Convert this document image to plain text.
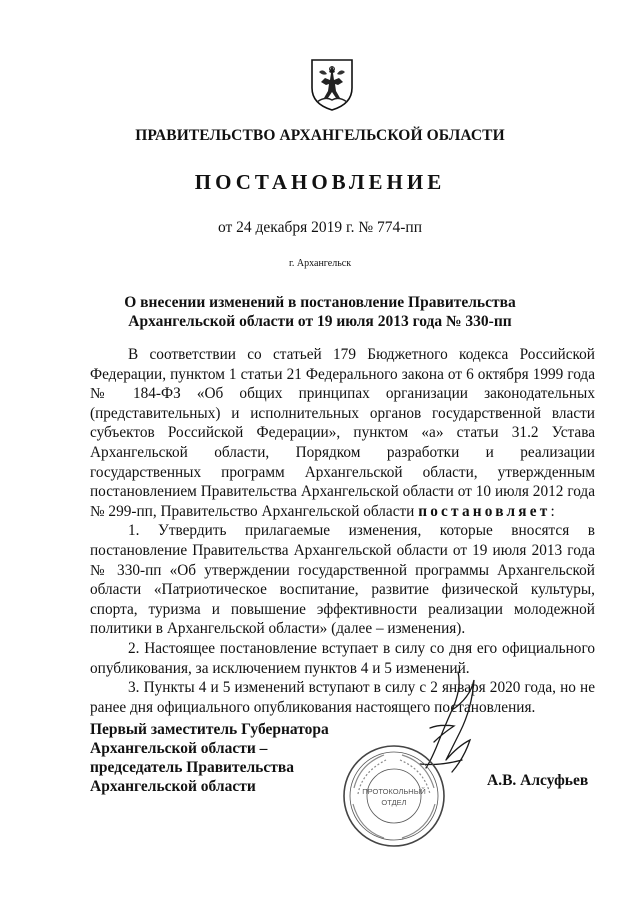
ПРАВИТЕЛЬСТВО АРХАНГЕЛЬСКОЙ ОБЛАСТИ
ПОСТАНОВЛЕНИЕ
от 24 декабря 2019 г. № 774-пп
г. Архангельск
О внесении изменений в постановление Правительства
Архангельской области от 19 июля 2013 года № 330-пп

В соответствии со статьей 179 Бюджетного кодекса Российской Федерации, пунктом 1 статьи 21 Федерального закона от 6 октября 1999 года № 184-ФЗ «Об общих принципах организации законодательных (представительных) и исполнительных органов государственной власти субъектов Российской Федерации», пунктом «а» статьи 31.2 Устава Архангельской области, Порядком разработки и реализации государственных программ Архангельской области, утвержденным постановлением Правительства Архангельской области от 10 июля 2012 года № 299-пп, Правительство Архангельской области постановляет:

1. Утвердить прилагаемые изменения, которые вносятся в постановление Правительства Архангельской области от 19 июля 2013 года № 330-пп «Об утверждении государственной программы Архангельской области «Патриотическое воспитание, развитие физической культуры, спорта, туризма и повышение эффективности реализации молодежной политики в Архангельской области» (далее – изменения).

2. Настоящее постановление вступает в силу со дня его официального опубликования, за исключением пунктов 4 и 5 изменений.

3. Пункты 4 и 5 изменений вступают в силу с 2 января 2020 года, но не ранее дня официального опубликования настоящего постановления.

Первый заместитель Губернатора
Архангельской области –
председатель Правительства
Архангельской области	А.В. Алсуфьев
ПРОТОКОЛЬНЫЙ
ОТДЕЛ
